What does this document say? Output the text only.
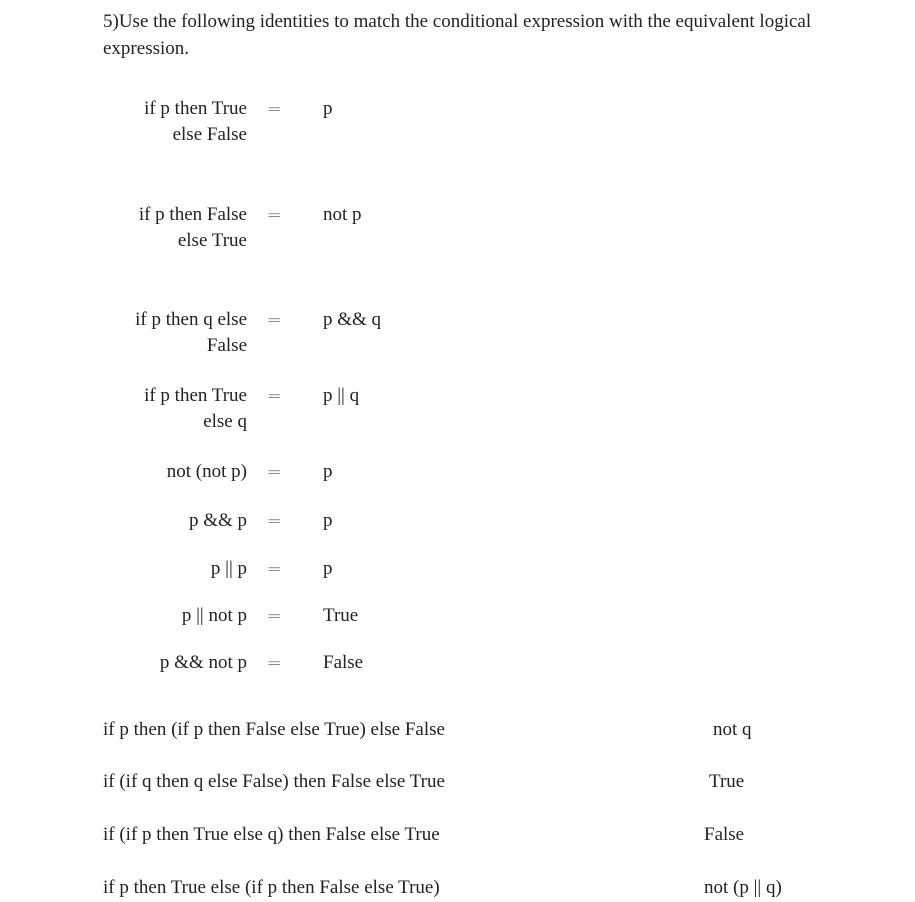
5)Use the following identities to match the conditional expression with the equivalent logical expression.
if p then True
else False
== p
if p then False
else True
== not p
if p then q else
False
== p && q
if p then True
else q
== p || q
not (not p) == p
p && p == p
p || p == p
p || not p == True
p && not p == False
if p then (if p then False else True) else False
if (if q then q else False) then False else True
if (if p then True else q) then False else True
if p then True else (if p then False else True)
not q
True
False
not (p || q)
